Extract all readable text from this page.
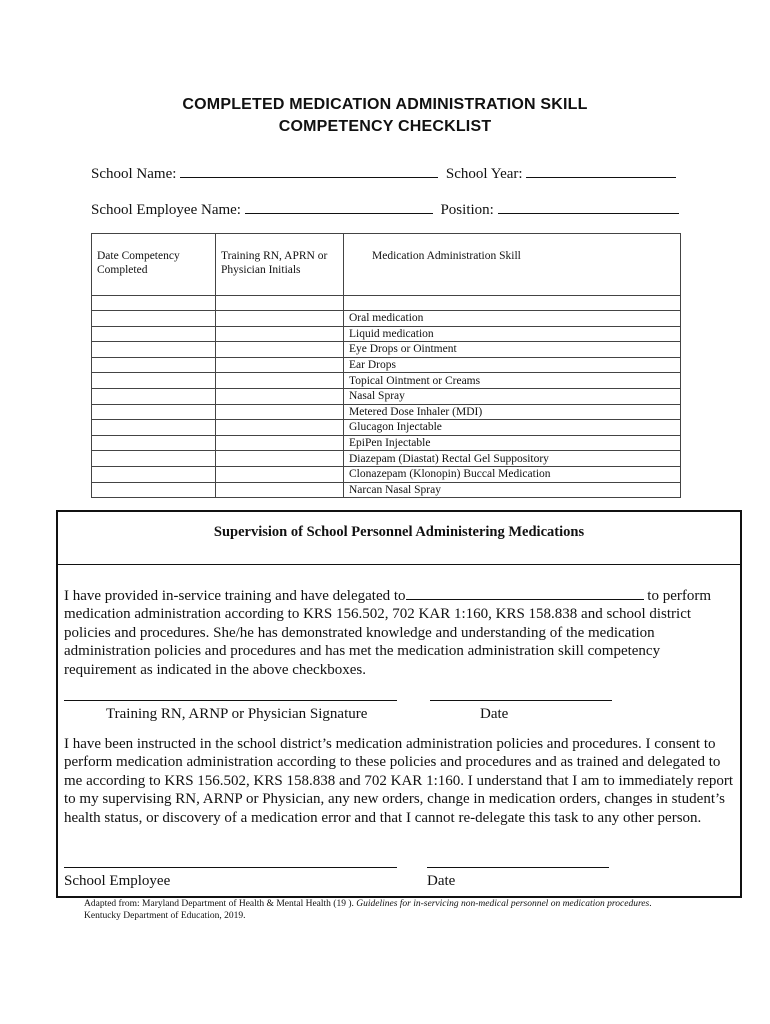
COMPLETED MEDICATION ADMINISTRATION SKILL
COMPETENCY CHECKLIST
School Name:	School Year:
School Employee Name:	Position:
Date Competency Completed	Training RN, APRN or Physician Initials	Medication Administration Skill

		Oral medication
		Liquid medication
		Eye Drops or Ointment
		Ear Drops
		Topical Ointment or Creams
		Nasal Spray
		Metered Dose Inhaler (MDI)
		Glucagon Injectable
		EpiPen Injectable
		Diazepam (Diastat) Rectal Gel Suppository
		Clonazepam (Klonopin) Buccal Medication
		Narcan Nasal Spray
Supervision of School Personnel Administering Medications

I have provided in-service training and have delegated to	to perform medication administration according to KRS 156.502, 702 KAR 1:160, KRS 158.838 and school district policies and procedures. She/he has demonstrated knowledge and understanding of the medication administration policies and procedures and has met the medication administration skill competency requirement as indicated in the above checkboxes.

Training RN, ARNP or Physician Signature	Date

I have been instructed in the school district’s medication administration policies and procedures. I consent to perform medication administration according to these policies and procedures and as trained and delegated to me according to KRS 156.502, KRS 158.838 and 702 KAR 1:160. I understand that I am to immediately report to my supervising RN, ARNP or Physician, any new orders, change in medication orders, changes in student’s health status, or discovery of a medication error and that I cannot re-delegate this task to any other person.

School Employee	Date
Adapted from: Maryland Department of Health & Mental Health (19 ). Guidelines for in-servicing non-medical personnel on medication procedures. Kentucky Department of Education, 2019.
